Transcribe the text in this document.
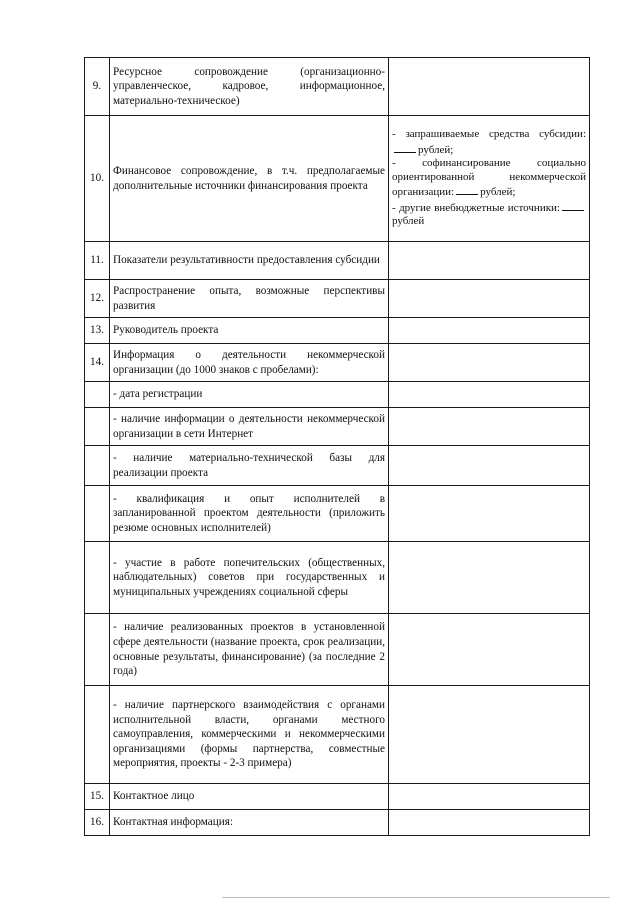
9.	Ресурсное сопровождение (организационно-управленческое, кадровое, информационное, материально-техническое)	
10.	Финансовое сопровождение, в т.ч. предполагаемые дополнительные источники финансирования проекта	- запрашиваемые средства субсидии:рублей;
- софинансирование социально ориентированной некоммерческой организации: рублей;
- другие внебюджетные источники:рублей

11.	Показатели результативности предоставления субсидии	
12.	Распространение опыта, возможные перспективы развития	
13.	Руководитель проекта	
14.	Информация о деятельности некоммерческой организации (до 1000 знаков с пробелами):	
	- дата регистрации	
	- наличие информации о деятельности некоммерческой организации в сети Интернет	
	- наличие материально-технической базы для реализации проекта	
	- квалификация и опыт исполнителей в запланированной проектом деятельности (приложить резюме основных исполнителей)	
	- участие в работе попечительских (общественных, наблюдательных) советов при государственных и муниципальных учреждениях социальной сферы	
	- наличие реализованных проектов в установленной сфере деятельности (название проекта, срок реализации, основные результаты, финансирование) (за последние 2 года)	
	- наличие партнерского взаимодействия с органами исполнительной власти, органами местного самоуправления, коммерческими и некоммерческими организациями (формы партнерства, совместные мероприятия, проекты - 2-3 примера)	
15.	Контактное лицо	
16.	Контактная информация:	
